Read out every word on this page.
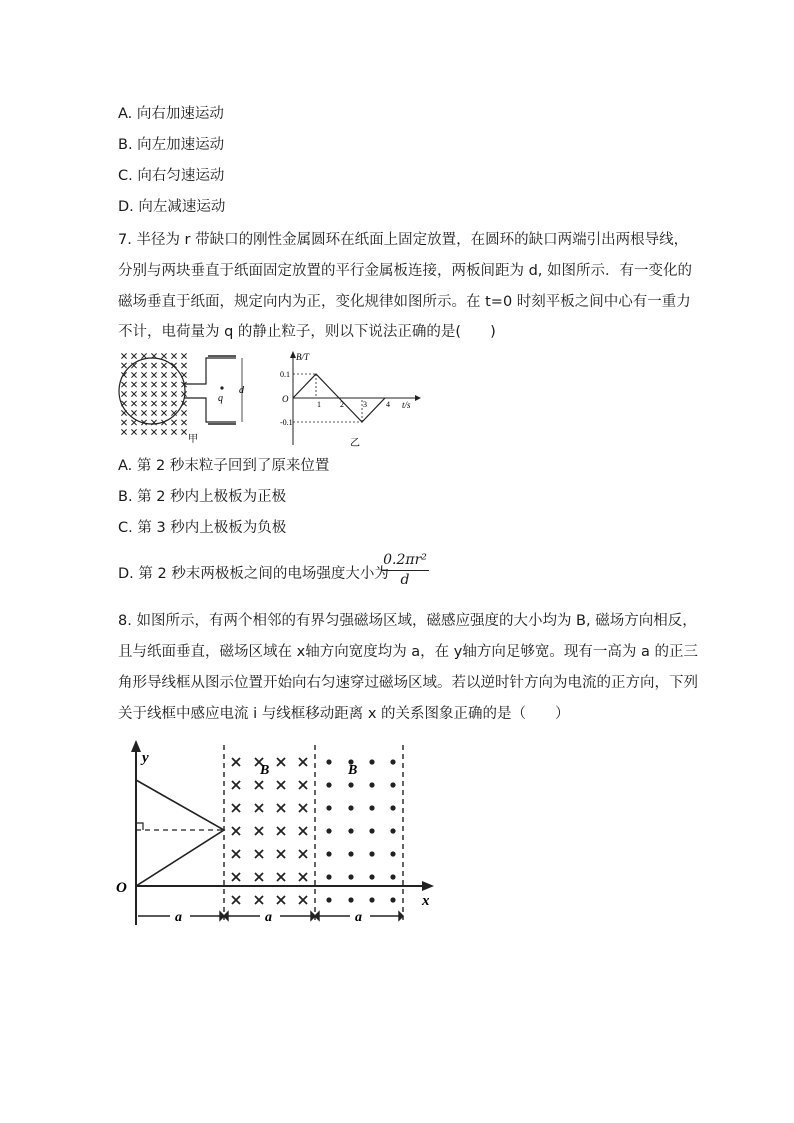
A. 向右加速运动
B. 向左加速运动
C. 向右匀速运动
D. 向左减速运动
7. 半径为 r 带缺口的刚性金属圆环在纸面上固定放置，在圆环的缺口两端引出两根导线，
分别与两块垂直于纸面固定放置的平行金属板连接，两板间距为 d, 如图所示．有一变化的
磁场垂直于纸面，规定向内为正，变化规律如图所示。在 t=0 时刻平板之间中心有一重力
不计，电荷量为 q 的静止粒子，则以下说法正确的是(　　)
q
d
甲
B/T
t/s
O
0.1
-0.1
1 2 3 4
乙
A. 第 2 秒末粒子回到了原来位置
B. 第 2 秒内上极板为正极
C. 第 3 秒内上极板为负极
D. 第 2 秒末两极板之间的电场强度大小为
0.2πr²
d
8. 如图所示，有两个相邻的有界匀强磁场区域，磁感应强度的大小均为 B, 磁场方向相反，
且与纸面垂直，磁场区域在 x轴方向宽度均为 a，在 y轴方向足够宽。现有一高为 a 的正三
角形导线框从图示位置开始向右匀速穿过磁场区域。若以逆时针方向为电流的正方向，下列
关于线框中感应电流 i 与线框移动距离 x 的关系图象正确的是（　　）
y
x
O
B	B
a	a	a
